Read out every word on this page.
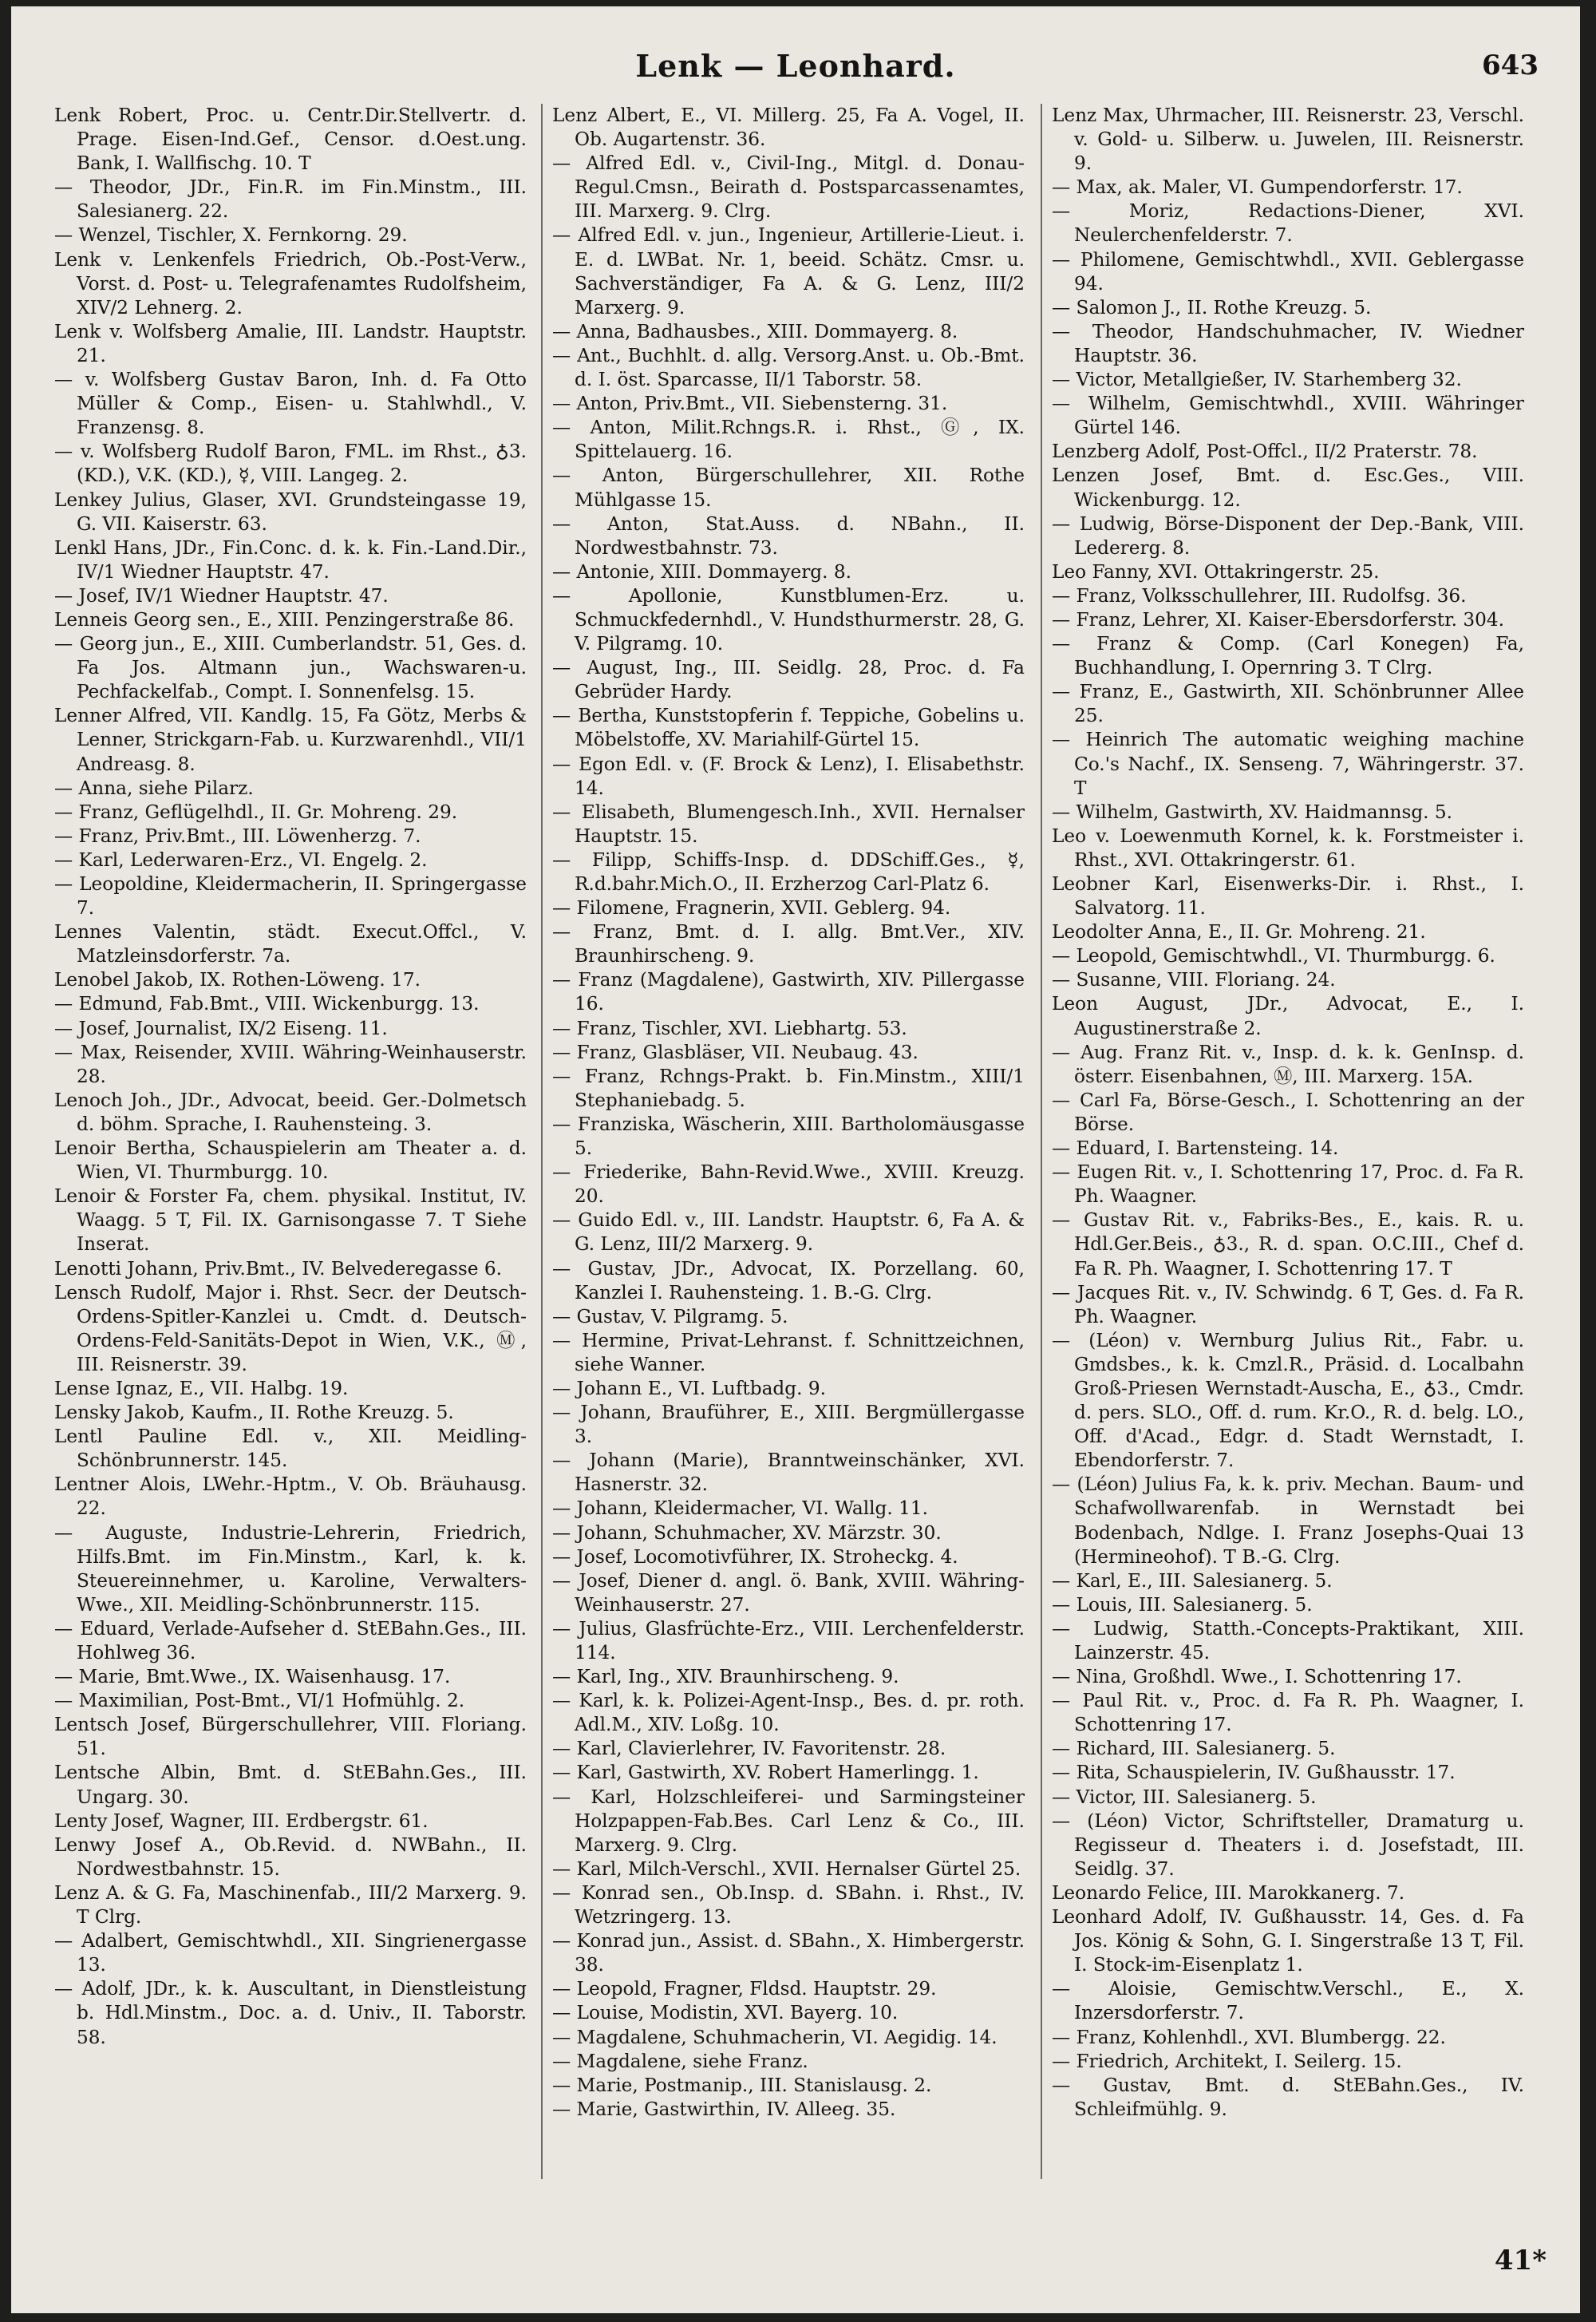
Lenk — Leonhard.	643

Lenk Robert, Proc. u. Centr.Dir.Stellvertr. d. Prage. Eisen-Ind.Gef., Censor. d.Oest.ung. Bank, I. Wallfischg. 10. T

— Theodor, JDr., Fin.R. im Fin.Minstm., III. Salesianerg. 22.

— Wenzel, Tischler, X. Fernkorng. 29.

Lenk v. Lenkenfels Friedrich, Ob.-Post-Verw., Vorst. d. Post- u. Telegrafenamtes Rudolfsheim, XIV/2 Lehnerg. 2.

Lenk v. Wolfsberg Amalie, III. Landstr. Hauptstr. 21.

— v. Wolfsberg Gustav Baron, Inh. d. Fa Otto Müller & Comp., Eisen- u. Stahlwhdl., V. Franzensg. 8.

— v. Wolfsberg Rudolf Baron, FML. im Rhst., ♁3. (KD.), V.K. (KD.), ☿, VIII. Langeg. 2.

Lenkey Julius, Glaser, XVI. Grundsteingasse 19, G. VII. Kaiserstr. 63.

Lenkl Hans, JDr., Fin.Conc. d. k. k. Fin.-Land.Dir., IV/1 Wiedner Hauptstr. 47.

— Josef, IV/1 Wiedner Hauptstr. 47.

Lenneis Georg sen., E., XIII. Penzingerstraße 86.

— Georg jun., E., XIII. Cumberlandstr. 51, Ges. d. Fa Jos. Altmann jun., Wachswaren-u. Pechfackelfab., Compt. I. Sonnenfelsg. 15.

Lenner Alfred, VII. Kandlg. 15, Fa Götz, Merbs & Lenner, Strickgarn-Fab. u. Kurzwarenhdl., VII/1 Andreasg. 8.

— Anna, siehe Pilarz.

— Franz, Geflügelhdl., II. Gr. Mohreng. 29.

— Franz, Priv.Bmt., III. Löwenherzg. 7.

— Karl, Lederwaren-Erz., VI. Engelg. 2.

— Leopoldine, Kleidermacherin, II. Springergasse 7.

Lennes Valentin, städt. Execut.Offcl., V. Matzleinsdorferstr. 7a.

Lenobel Jakob, IX. Rothen-Löweng. 17.

— Edmund, Fab.Bmt., VIII. Wickenburgg. 13.

— Josef, Journalist, IX/2 Eiseng. 11.

— Max, Reisender, XVIII. Währing-Weinhauserstr. 28.

Lenoch Joh., JDr., Advocat, beeid. Ger.-Dolmetsch d. böhm. Sprache, I. Rauhensteing. 3.

Lenoir Bertha, Schauspielerin am Theater a. d. Wien, VI. Thurmburgg. 10.

Lenoir & Forster Fa, chem. physikal. Institut, IV. Waagg. 5 T, Fil. IX. Garnisongasse 7. T Siehe Inserat.

Lenotti Johann, Priv.Bmt., IV. Belvederegasse 6.

Lensch Rudolf, Major i. Rhst. Secr. der Deutsch-Ordens-Spitler-Kanzlei u. Cmdt. d. Deutsch-Ordens-Feld-Sanitäts-Depot in Wien, V.K., Ⓜ, III. Reisnerstr. 39.

Lense Ignaz, E., VII. Halbg. 19.

Lensky Jakob, Kaufm., II. Rothe Kreuzg. 5.

Lentl Pauline Edl. v., XII. Meidling-Schönbrunnerstr. 145.

Lentner Alois, LWehr.-Hptm., V. Ob. Bräuhausg. 22.

— Auguste, Industrie-Lehrerin, Friedrich, Hilfs.Bmt. im Fin.Minstm., Karl, k. k. Steuereinnehmer, u. Karoline, Verwalters-Wwe., XII. Meidling-Schönbrunnerstr. 115.

— Eduard, Verlade-Aufseher d. StEBahn.Ges., III. Hohlweg 36.

— Marie, Bmt.Wwe., IX. Waisenhausg. 17.

— Maximilian, Post-Bmt., VI/1 Hofmühlg. 2.

Lentsch Josef, Bürgerschullehrer, VIII. Floriang. 51.

Lentsche Albin, Bmt. d. StEBahn.Ges., III. Ungarg. 30.

Lenty Josef, Wagner, III. Erdbergstr. 61.

Lenwy Josef A., Ob.Revid. d. NWBahn., II. Nordwestbahnstr. 15.

Lenz A. & G. Fa, Maschinenfab., III/2 Marxerg. 9. T Clrg.

— Adalbert, Gemischtwhdl., XII. Singrienergasse 13.

— Adolf, JDr., k. k. Auscultant, in Dienstleistung b. Hdl.Minstm., Doc. a. d. Univ., II. Taborstr. 58.

Lenz Albert, E., VI. Millerg. 25, Fa A. Vogel, II. Ob. Augartenstr. 36.

— Alfred Edl. v., Civil-Ing., Mitgl. d. Donau-Regul.Cmsn., Beirath d. Postsparcassenamtes, III. Marxerg. 9. Clrg.

— Alfred Edl. v. jun., Ingenieur, Artillerie-Lieut. i. E. d. LWBat. Nr. 1, beeid. Schätz. Cmsr. u. Sachverständiger, Fa A. & G. Lenz, III/2 Marxerg. 9.

— Anna, Badhausbes., XIII. Dommayerg. 8.

— Ant., Buchhlt. d. allg. Versorg.Anst. u. Ob.-Bmt. d. I. öst. Sparcasse, II/1 Taborstr. 58.

— Anton, Priv.Bmt., VII. Siebensterng. 31.

— Anton, Milit.Rchngs.R. i. Rhst., Ⓖ, IX. Spittelauerg. 16.

— Anton, Bürgerschullehrer, XII. Rothe Mühlgasse 15.

— Anton, Stat.Auss. d. NBahn., II. Nordwestbahnstr. 73.

— Antonie, XIII. Dommayerg. 8.

— Apollonie, Kunstblumen-Erz. u. Schmuckfedernhdl., V. Hundsthurmerstr. 28, G. V. Pilgramg. 10.

— August, Ing., III. Seidlg. 28, Proc. d. Fa Gebrüder Hardy.

— Bertha, Kunststopferin f. Teppiche, Gobelins u. Möbelstoffe, XV. Mariahilf-Gürtel 15.

— Egon Edl. v. (F. Brock & Lenz), I. Elisabethstr. 14.

— Elisabeth, Blumengesch.Inh., XVII. Hernalser Hauptstr. 15.

— Filipp, Schiffs-Insp. d. DDSchiff.Ges., ☿, R.d.bahr.Mich.O., II. Erzherzog Carl-Platz 6.

— Filomene, Fragnerin, XVII. Geblerg. 94.

— Franz, Bmt. d. I. allg. Bmt.Ver., XIV. Braunhirscheng. 9.

— Franz (Magdalene), Gastwirth, XIV. Pillergasse 16.

— Franz, Tischler, XVI. Liebhartg. 53.

— Franz, Glasbläser, VII. Neubaug. 43.

— Franz, Rchngs-Prakt. b. Fin.Minstm., XIII/1 Stephaniebadg. 5.

— Franziska, Wäscherin, XIII. Bartholomäusgasse 5.

— Friederike, Bahn-Revid.Wwe., XVIII. Kreuzg. 20.

— Guido Edl. v., III. Landstr. Hauptstr. 6, Fa A. & G. Lenz, III/2 Marxerg. 9.

— Gustav, JDr., Advocat, IX. Porzellang. 60, Kanzlei I. Rauhensteing. 1. B.-G. Clrg.

— Gustav, V. Pilgramg. 5.

— Hermine, Privat-Lehranst. f. Schnittzeichnen, siehe Wanner.

— Johann E., VI. Luftbadg. 9.

— Johann, Brauführer, E., XIII. Bergmüllergasse 3.

— Johann (Marie), Branntweinschänker, XVI. Hasnerstr. 32.

— Johann, Kleidermacher, VI. Wallg. 11.

— Johann, Schuhmacher, XV. Märzstr. 30.

— Josef, Locomotivführer, IX. Stroheckg. 4.

— Josef, Diener d. angl. ö. Bank, XVIII. Währing-Weinhauserstr. 27.

— Julius, Glasfrüchte-Erz., VIII. Lerchenfelderstr. 114.

— Karl, Ing., XIV. Braunhirscheng. 9.

— Karl, k. k. Polizei-Agent-Insp., Bes. d. pr. roth. Adl.M., XIV. Loßg. 10.

— Karl, Clavierlehrer, IV. Favoritenstr. 28.

— Karl, Gastwirth, XV. Robert Hamerlingg. 1.

— Karl, Holzschleiferei- und Sarmingsteiner Holzpappen-Fab.Bes. Carl Lenz & Co., III. Marxerg. 9. Clrg.

— Karl, Milch-Verschl., XVII. Hernalser Gürtel 25.

— Konrad sen., Ob.Insp. d. SBahn. i. Rhst., IV. Wetzringerg. 13.

— Konrad jun., Assist. d. SBahn., X. Himbergerstr. 38.

— Leopold, Fragner, Fldsd. Hauptstr. 29.

— Louise, Modistin, XVI. Bayerg. 10.

— Magdalene, Schuhmacherin, VI. Aegidig. 14.

— Magdalene, siehe Franz.

— Marie, Postmanip., III. Stanislausg. 2.

— Marie, Gastwirthin, IV. Alleeg. 35.

Lenz Max, Uhrmacher, III. Reisnerstr. 23, Verschl. v. Gold- u. Silberw. u. Juwelen, III. Reisnerstr. 9.

— Max, ak. Maler, VI. Gumpendorferstr. 17.

— Moriz, Redactions-Diener, XVI. Neulerchenfelderstr. 7.

— Philomene, Gemischtwhdl., XVII. Geblergasse 94.

— Salomon J., II. Rothe Kreuzg. 5.

— Theodor, Handschuhmacher, IV. Wiedner Hauptstr. 36.

— Victor, Metallgießer, IV. Starhemberg 32.

— Wilhelm, Gemischtwhdl., XVIII. Währinger Gürtel 146.

Lenzberg Adolf, Post-Offcl., II/2 Praterstr. 78.

Lenzen Josef, Bmt. d. Esc.Ges., VIII. Wickenburgg. 12.

— Ludwig, Börse-Disponent der Dep.-Bank, VIII. Ledererg. 8.

Leo Fanny, XVI. Ottakringerstr. 25.

— Franz, Volksschullehrer, III. Rudolfsg. 36.

— Franz, Lehrer, XI. Kaiser-Ebersdorferstr. 304.

— Franz & Comp. (Carl Konegen) Fa, Buchhandlung, I. Opernring 3. T Clrg.

— Franz, E., Gastwirth, XII. Schönbrunner Allee 25.

— Heinrich The automatic weighing machine Co.'s Nachf., IX. Senseng. 7, Währingerstr. 37. T

— Wilhelm, Gastwirth, XV. Haidmannsg. 5.

Leo v. Loewenmuth Kornel, k. k. Forstmeister i. Rhst., XVI. Ottakringerstr. 61.

Leobner Karl, Eisenwerks-Dir. i. Rhst., I. Salvatorg. 11.

Leodolter Anna, E., II. Gr. Mohreng. 21.

— Leopold, Gemischtwhdl., VI. Thurmburgg. 6.

— Susanne, VIII. Floriang. 24.

Leon August, JDr., Advocat, E., I. Augustinerstraße 2.

— Aug. Franz Rit. v., Insp. d. k. k. GenInsp. d. österr. Eisenbahnen, Ⓜ, III. Marxerg. 15A.

— Carl Fa, Börse-Gesch., I. Schottenring an der Börse.

— Eduard, I. Bartensteing. 14.

— Eugen Rit. v., I. Schottenring 17, Proc. d. Fa R. Ph. Waagner.

— Gustav Rit. v., Fabriks-Bes., E., kais. R. u. Hdl.Ger.Beis., ♁3., R. d. span. O.C.III., Chef d. Fa R. Ph. Waagner, I. Schottenring 17. T

— Jacques Rit. v., IV. Schwindg. 6 T, Ges. d. Fa R. Ph. Waagner.

— (Léon) v. Wernburg Julius Rit., Fabr. u. Gmdsbes., k. k. Cmzl.R., Präsid. d. Localbahn Groß-Priesen Wernstadt-Auscha, E., ♁3., Cmdr. d. pers. SLO., Off. d. rum. Kr.O., R. d. belg. LO., Off. d'Acad., Edgr. d. Stadt Wernstadt, I. Ebendorferstr. 7.

— (Léon) Julius Fa, k. k. priv. Mechan. Baum- und Schafwollwarenfab. in Wernstadt bei Bodenbach, Ndlge. I. Franz Josephs-Quai 13 (Hermineohof). T B.-G. Clrg.

— Karl, E., III. Salesianerg. 5.

— Louis, III. Salesianerg. 5.

— Ludwig, Statth.-Concepts-Praktikant, XIII. Lainzerstr. 45.

— Nina, Großhdl. Wwe., I. Schottenring 17.

— Paul Rit. v., Proc. d. Fa R. Ph. Waagner, I. Schottenring 17.

— Richard, III. Salesianerg. 5.

— Rita, Schauspielerin, IV. Gußhausstr. 17.

— Victor, III. Salesianerg. 5.

— (Léon) Victor, Schriftsteller, Dramaturg u. Regisseur d. Theaters i. d. Josefstadt, III. Seidlg. 37.

Leonardo Felice, III. Marokkanerg. 7.

Leonhard Adolf, IV. Gußhausstr. 14, Ges. d. Fa Jos. König & Sohn, G. I. Singerstraße 13 T, Fil. I. Stock-im-Eisenplatz 1.

— Aloisie, Gemischtw.Verschl., E., X. Inzersdorferstr. 7.

— Franz, Kohlenhdl., XVI. Blumbergg. 22.

— Friedrich, Architekt, I. Seilerg. 15.

— Gustav, Bmt. d. StEBahn.Ges., IV. Schleifmühlg. 9.

41*
